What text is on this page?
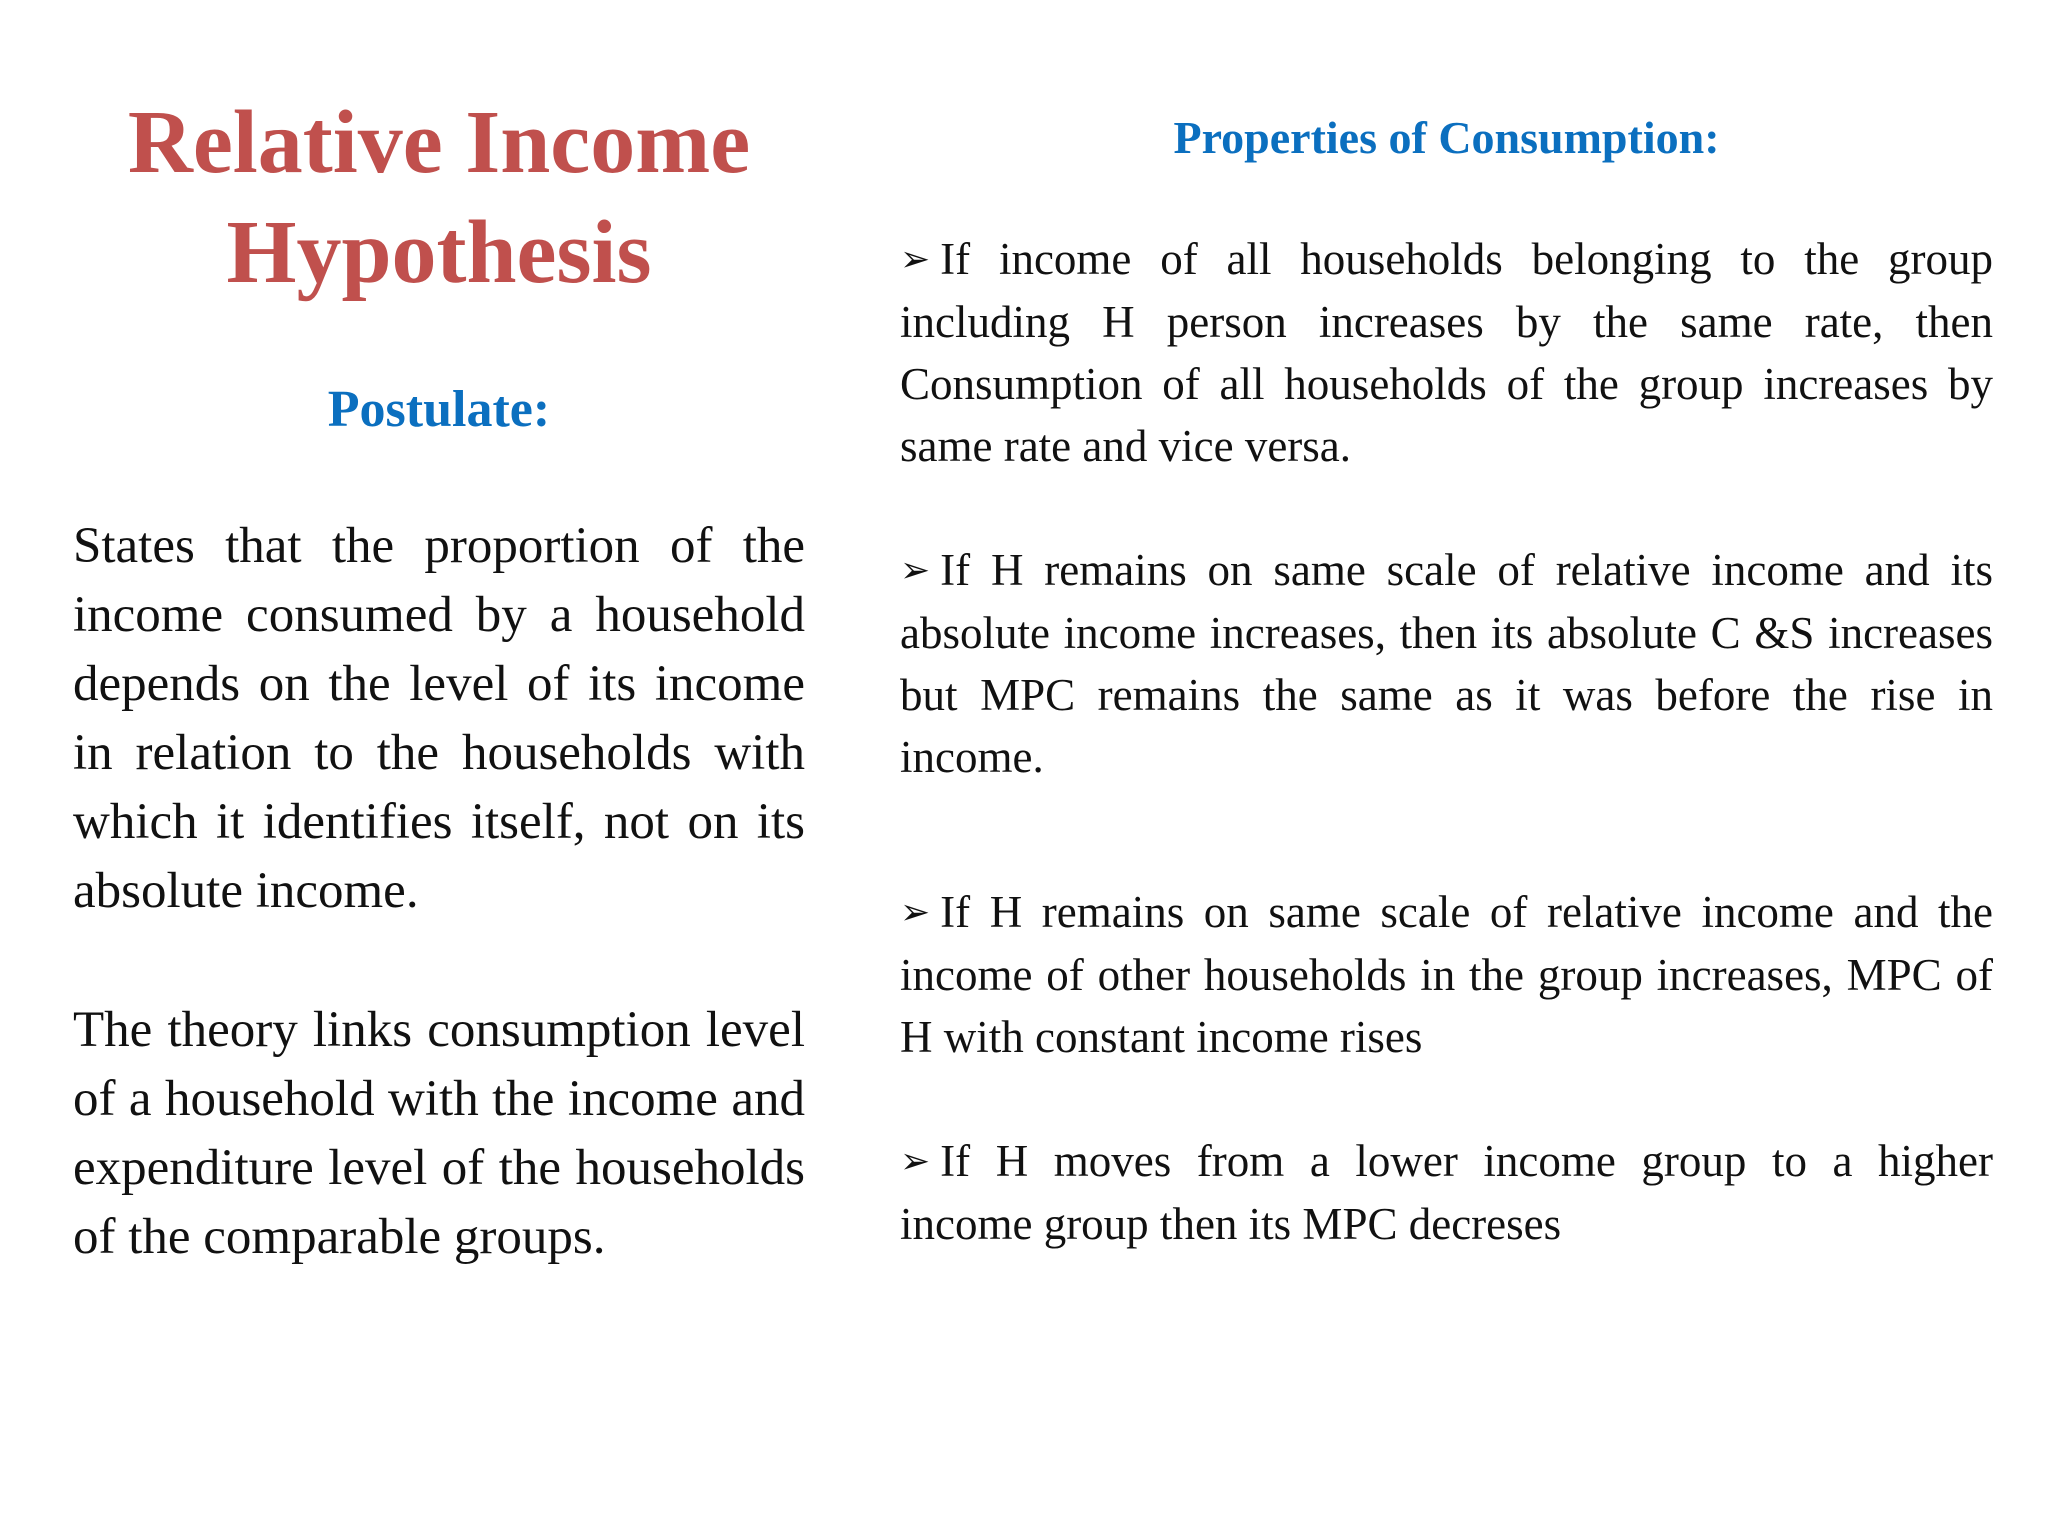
Relative Income Hypothesis
Postulate:

States that the proportion of the income consumed by a household depends on the level of its income in relation to the households with which it identifies itself, not on its absolute income.

The theory links consumption level of a household with the income and expenditure level of the households of the comparable groups.

Properties of Consumption:

➢ If income of all households belonging to the group including H person increases by the same rate, then Consumption of all households of the group increases by same rate and vice versa.

➢ If H remains on same scale of relative income and its absolute income increases, then its absolute C &S increases but MPC remains the same as it was before the rise in income.

➢ If H remains on same scale of relative income and the income of other households in the group increases, MPC of H with constant income rises

➢ If H moves from a lower income group to a higher income group then its MPC decreses
